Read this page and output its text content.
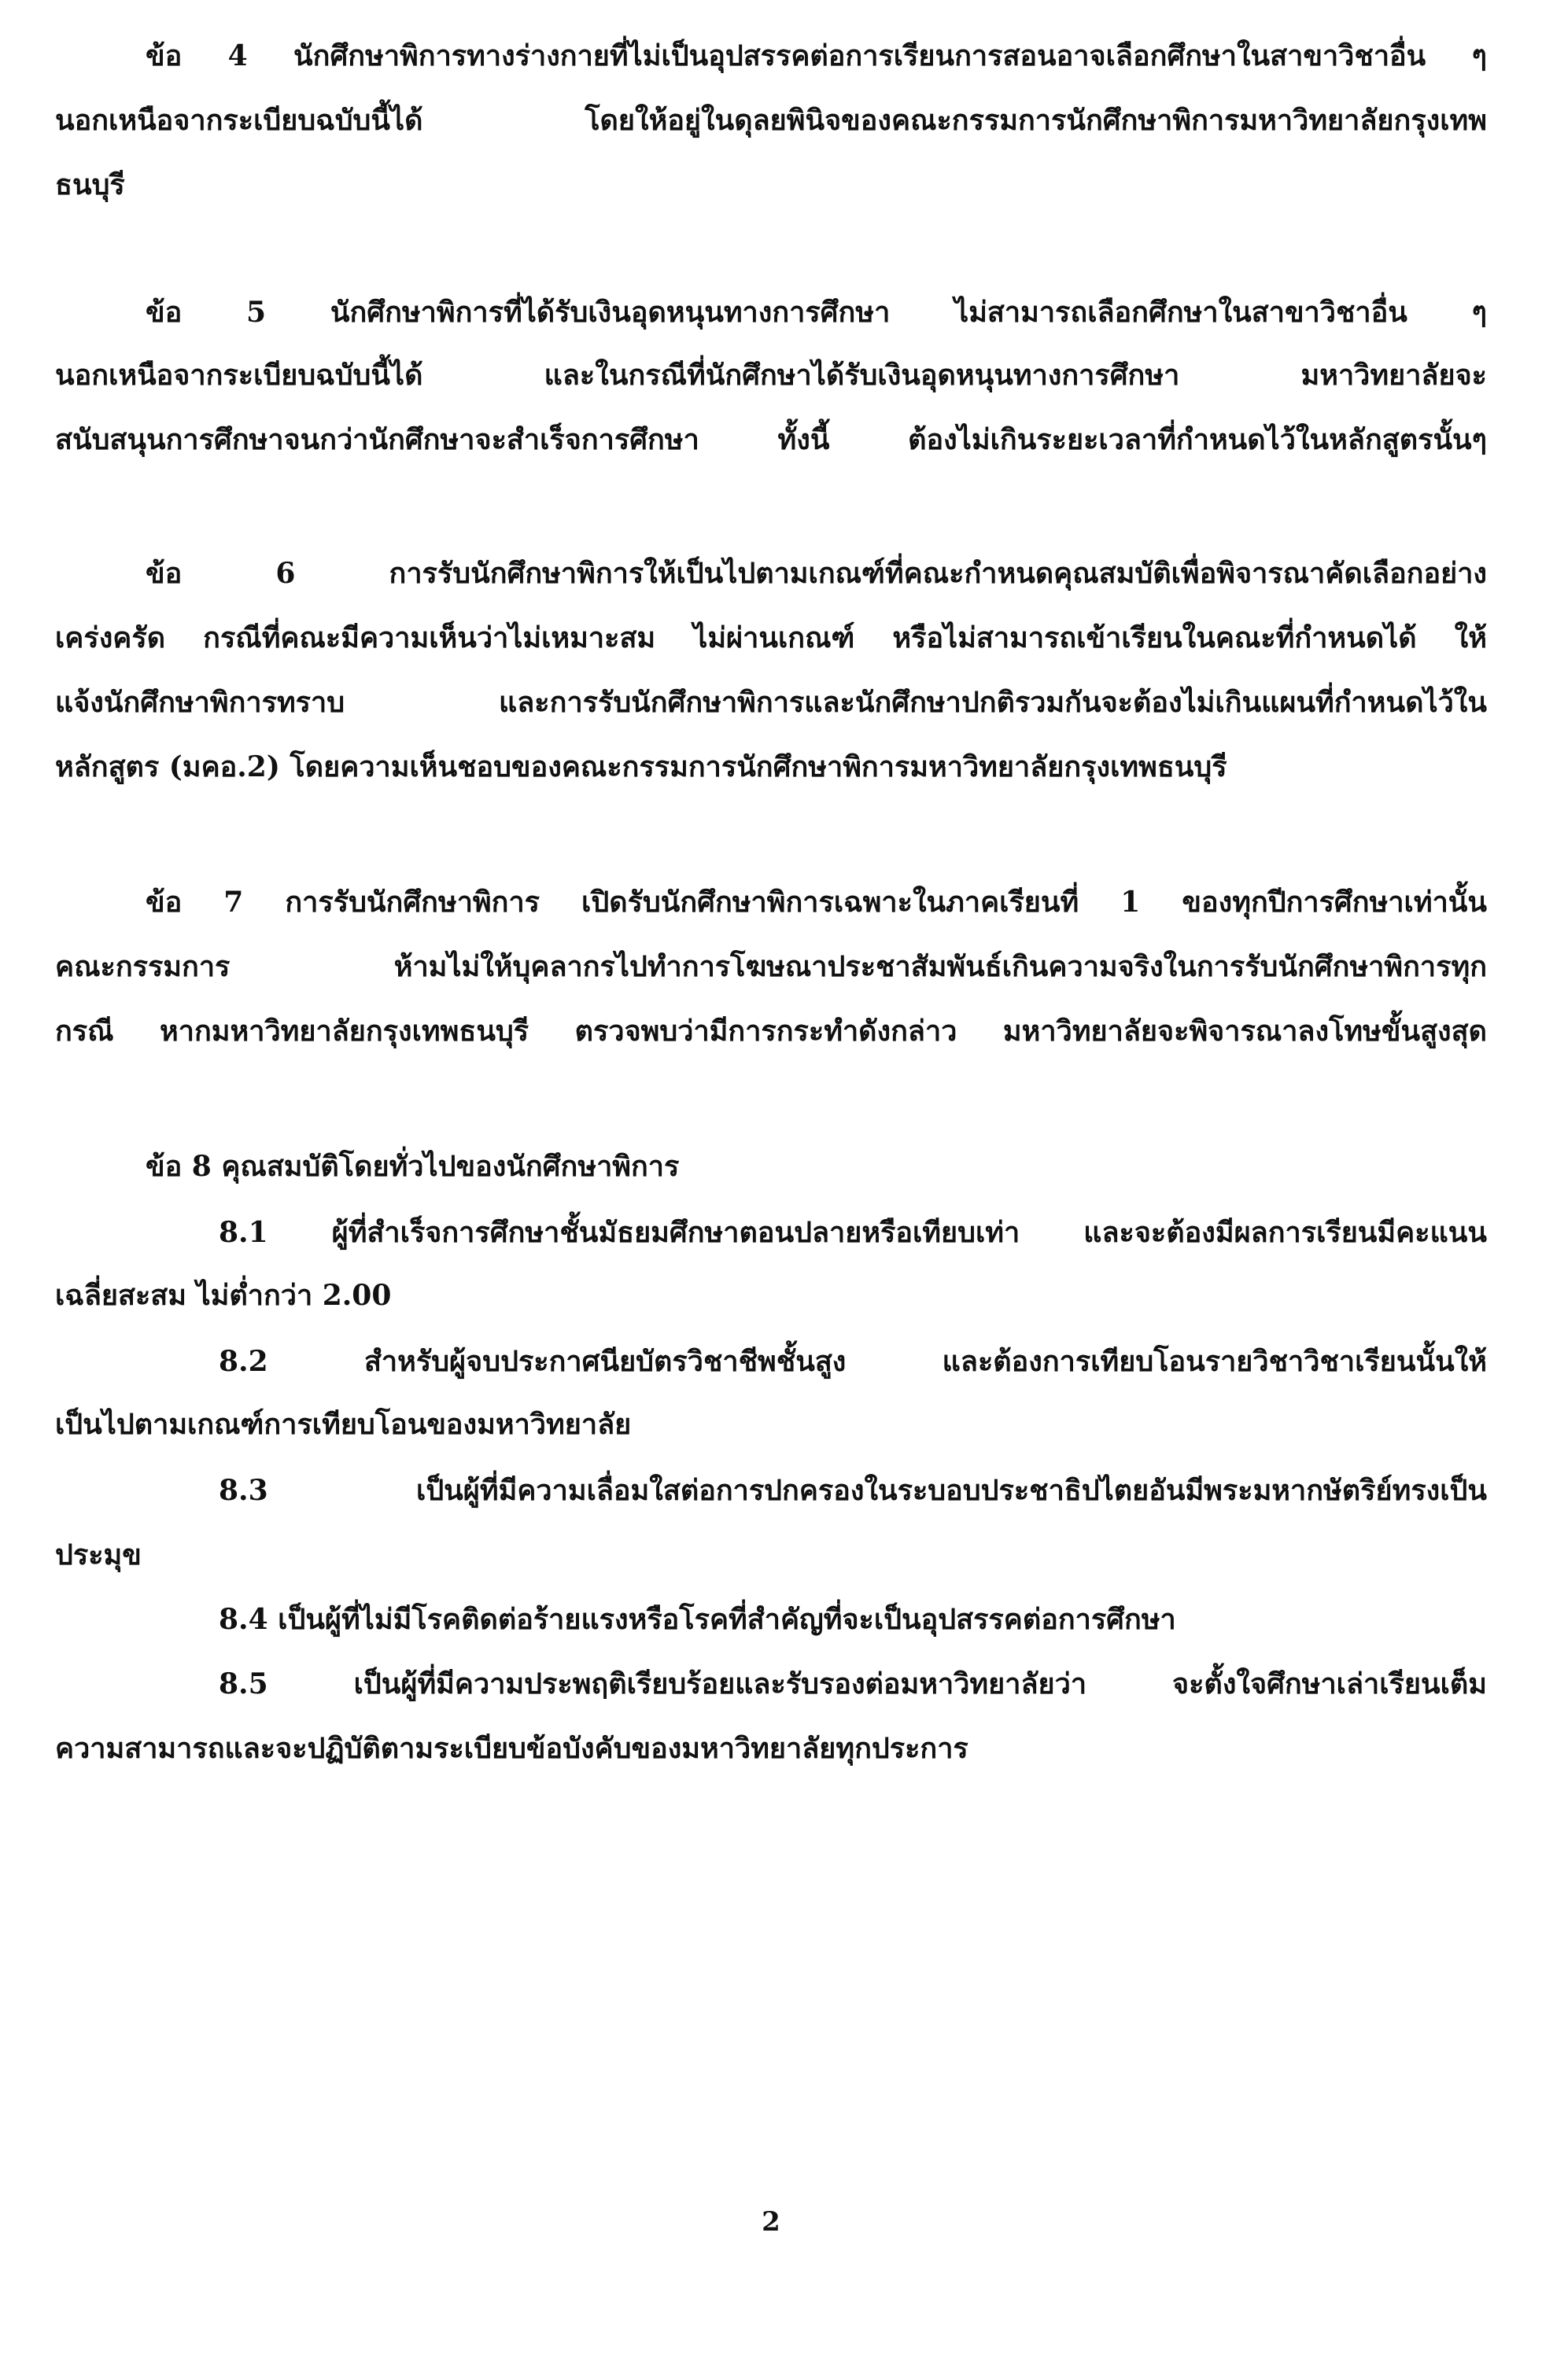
ข้อ 4 นักศึกษาพิการทางร่างกายที่ไม่เป็นอุปสรรคต่อการเรียนการสอนอาจเลือกศึกษาในสาขาวิชาอื่น ๆ
นอกเหนือจากระเบียบฉบับนี้ได้ โดยให้อยู่ในดุลยพินิจของคณะกรรมการนักศึกษาพิการมหาวิทยาลัยกรุงเทพ
ธนบุรี
ข้อ 5 นักศึกษาพิการที่ได้รับเงินอุดหนุนทางการศึกษา ไม่สามารถเลือกศึกษาในสาขาวิชาอื่น ๆ
นอกเหนือจากระเบียบฉบับนี้ได้ และในกรณีที่นักศึกษาได้รับเงินอุดหนุนทางการศึกษา มหาวิทยาลัยจะ
สนับสนุนการศึกษาจนกว่านักศึกษาจะสำเร็จการศึกษา ทั้งนี้ ต้องไม่เกินระยะเวลาที่กำหนดไว้ในหลักสูตรนั้นๆ
ข้อ 6 การรับนักศึกษาพิการให้เป็นไปตามเกณฑ์ที่คณะกำหนดคุณสมบัติเพื่อพิจารณาคัดเลือกอย่าง
เคร่งครัด กรณีที่คณะมีความเห็นว่าไม่เหมาะสม ไม่ผ่านเกณฑ์ หรือไม่สามารถเข้าเรียนในคณะที่กำหนดได้ ให้
แจ้งนักศึกษาพิการทราบ และการรับนักศึกษาพิการและนักศึกษาปกติรวมกันจะต้องไม่เกินแผนที่กำหนดไว้ใน
หลักสูตร (มคอ.2) โดยความเห็นชอบของคณะกรรมการนักศึกษาพิการมหาวิทยาลัยกรุงเทพธนบุรี
ข้อ 7 การรับนักศึกษาพิการ เปิดรับนักศึกษาพิการเฉพาะในภาคเรียนที่ 1 ของทุกปีการศึกษาเท่านั้น
คณะกรรมการ ห้ามไม่ให้บุคลากรไปทำการโฆษณาประชาสัมพันธ์เกินความจริงในการรับนักศึกษาพิการทุก
กรณี หากมหาวิทยาลัยกรุงเทพธนบุรี ตรวจพบว่ามีการกระทำดังกล่าว มหาวิทยาลัยจะพิจารณาลงโทษขั้นสูงสุด
ข้อ 8 คุณสมบัติโดยทั่วไปของนักศึกษาพิการ
8.1 ผู้ที่สำเร็จการศึกษาชั้นมัธยมศึกษาตอนปลายหรือเทียบเท่า และจะต้องมีผลการเรียนมีคะแนน
เฉลี่ยสะสม ไม่ต่ำกว่า 2.00
8.2 สำหรับผู้จบประกาศนียบัตรวิชาชีพชั้นสูง และต้องการเทียบโอนรายวิชาวิชาเรียนนั้นให้
เป็นไปตามเกณฑ์การเทียบโอนของมหาวิทยาลัย
8.3 เป็นผู้ที่มีความเลื่อมใสต่อการปกครองในระบอบประชาธิปไตยอันมีพระมหากษัตริย์ทรงเป็น
ประมุข
8.4 เป็นผู้ที่ไม่มีโรคติดต่อร้ายแรงหรือโรคที่สำคัญที่จะเป็นอุปสรรคต่อการศึกษา
8.5 เป็นผู้ที่มีความประพฤติเรียบร้อยและรับรองต่อมหาวิทยาลัยว่า จะตั้งใจศึกษาเล่าเรียนเต็ม
ความสามารถและจะปฏิบัติตามระเบียบข้อบังคับของมหาวิทยาลัยทุกประการ
2
